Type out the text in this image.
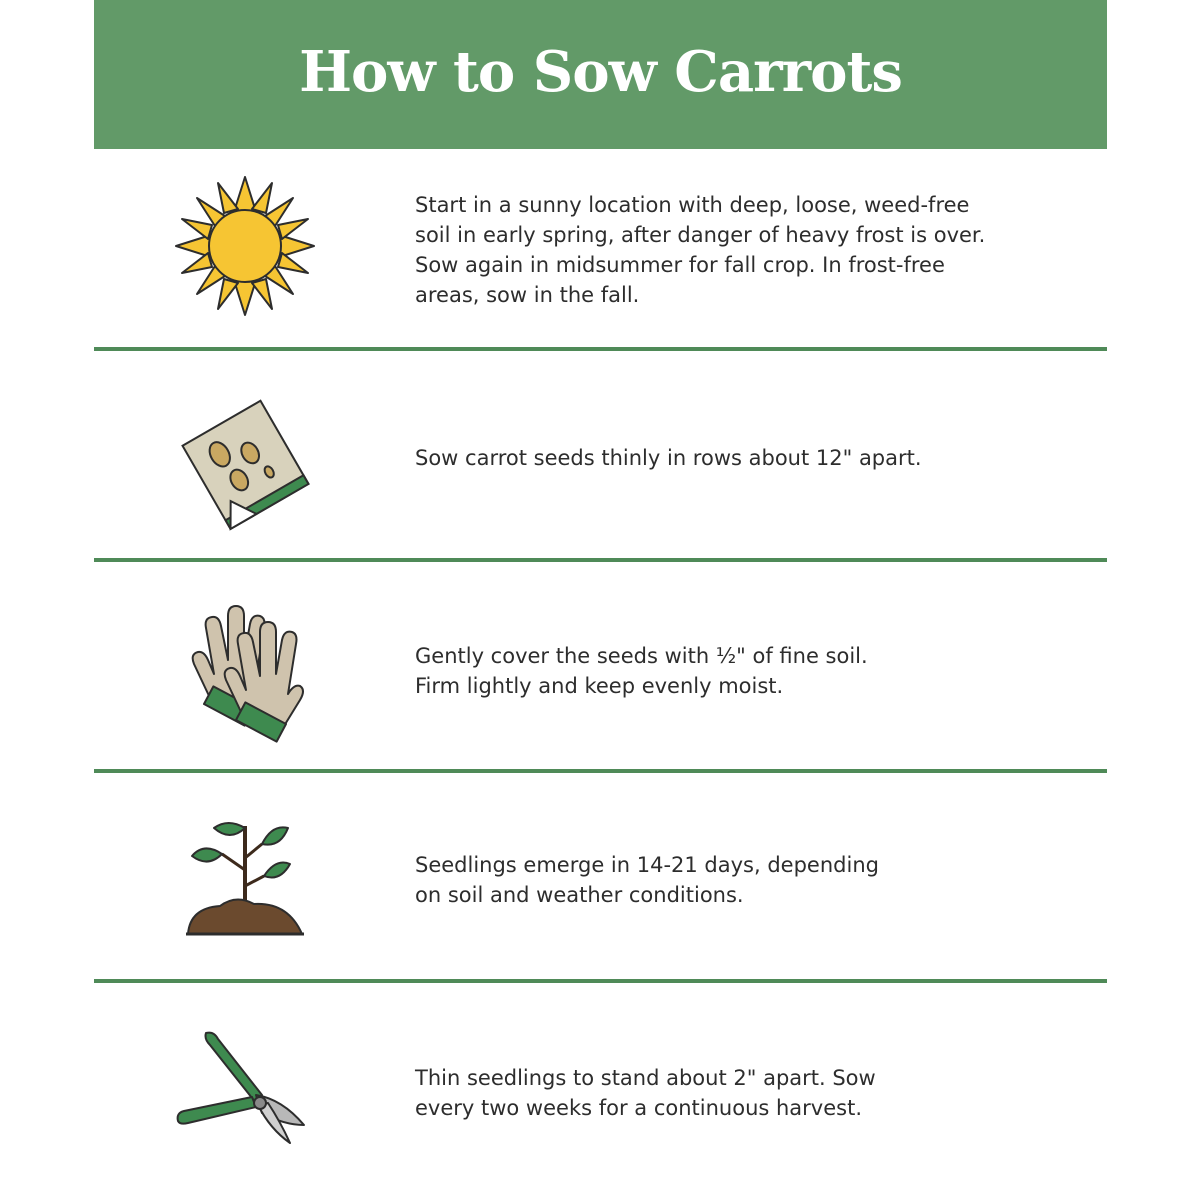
How to Sow Carrots

Start in a sunny location with deep, loose, weed-free
soil in early spring, after danger of heavy frost is over.
Sow again in midsummer for fall crop. In frost-free
areas, sow in the fall.

Sow carrot seeds thinly in rows about 12" apart.

Gently cover the seeds with ½" of fine soil.
Firm lightly and keep evenly moist.

Seedlings emerge in 14-21 days, depending
on soil and weather conditions.

Thin seedlings to stand about 2" apart. Sow
every two weeks for a continuous harvest.
